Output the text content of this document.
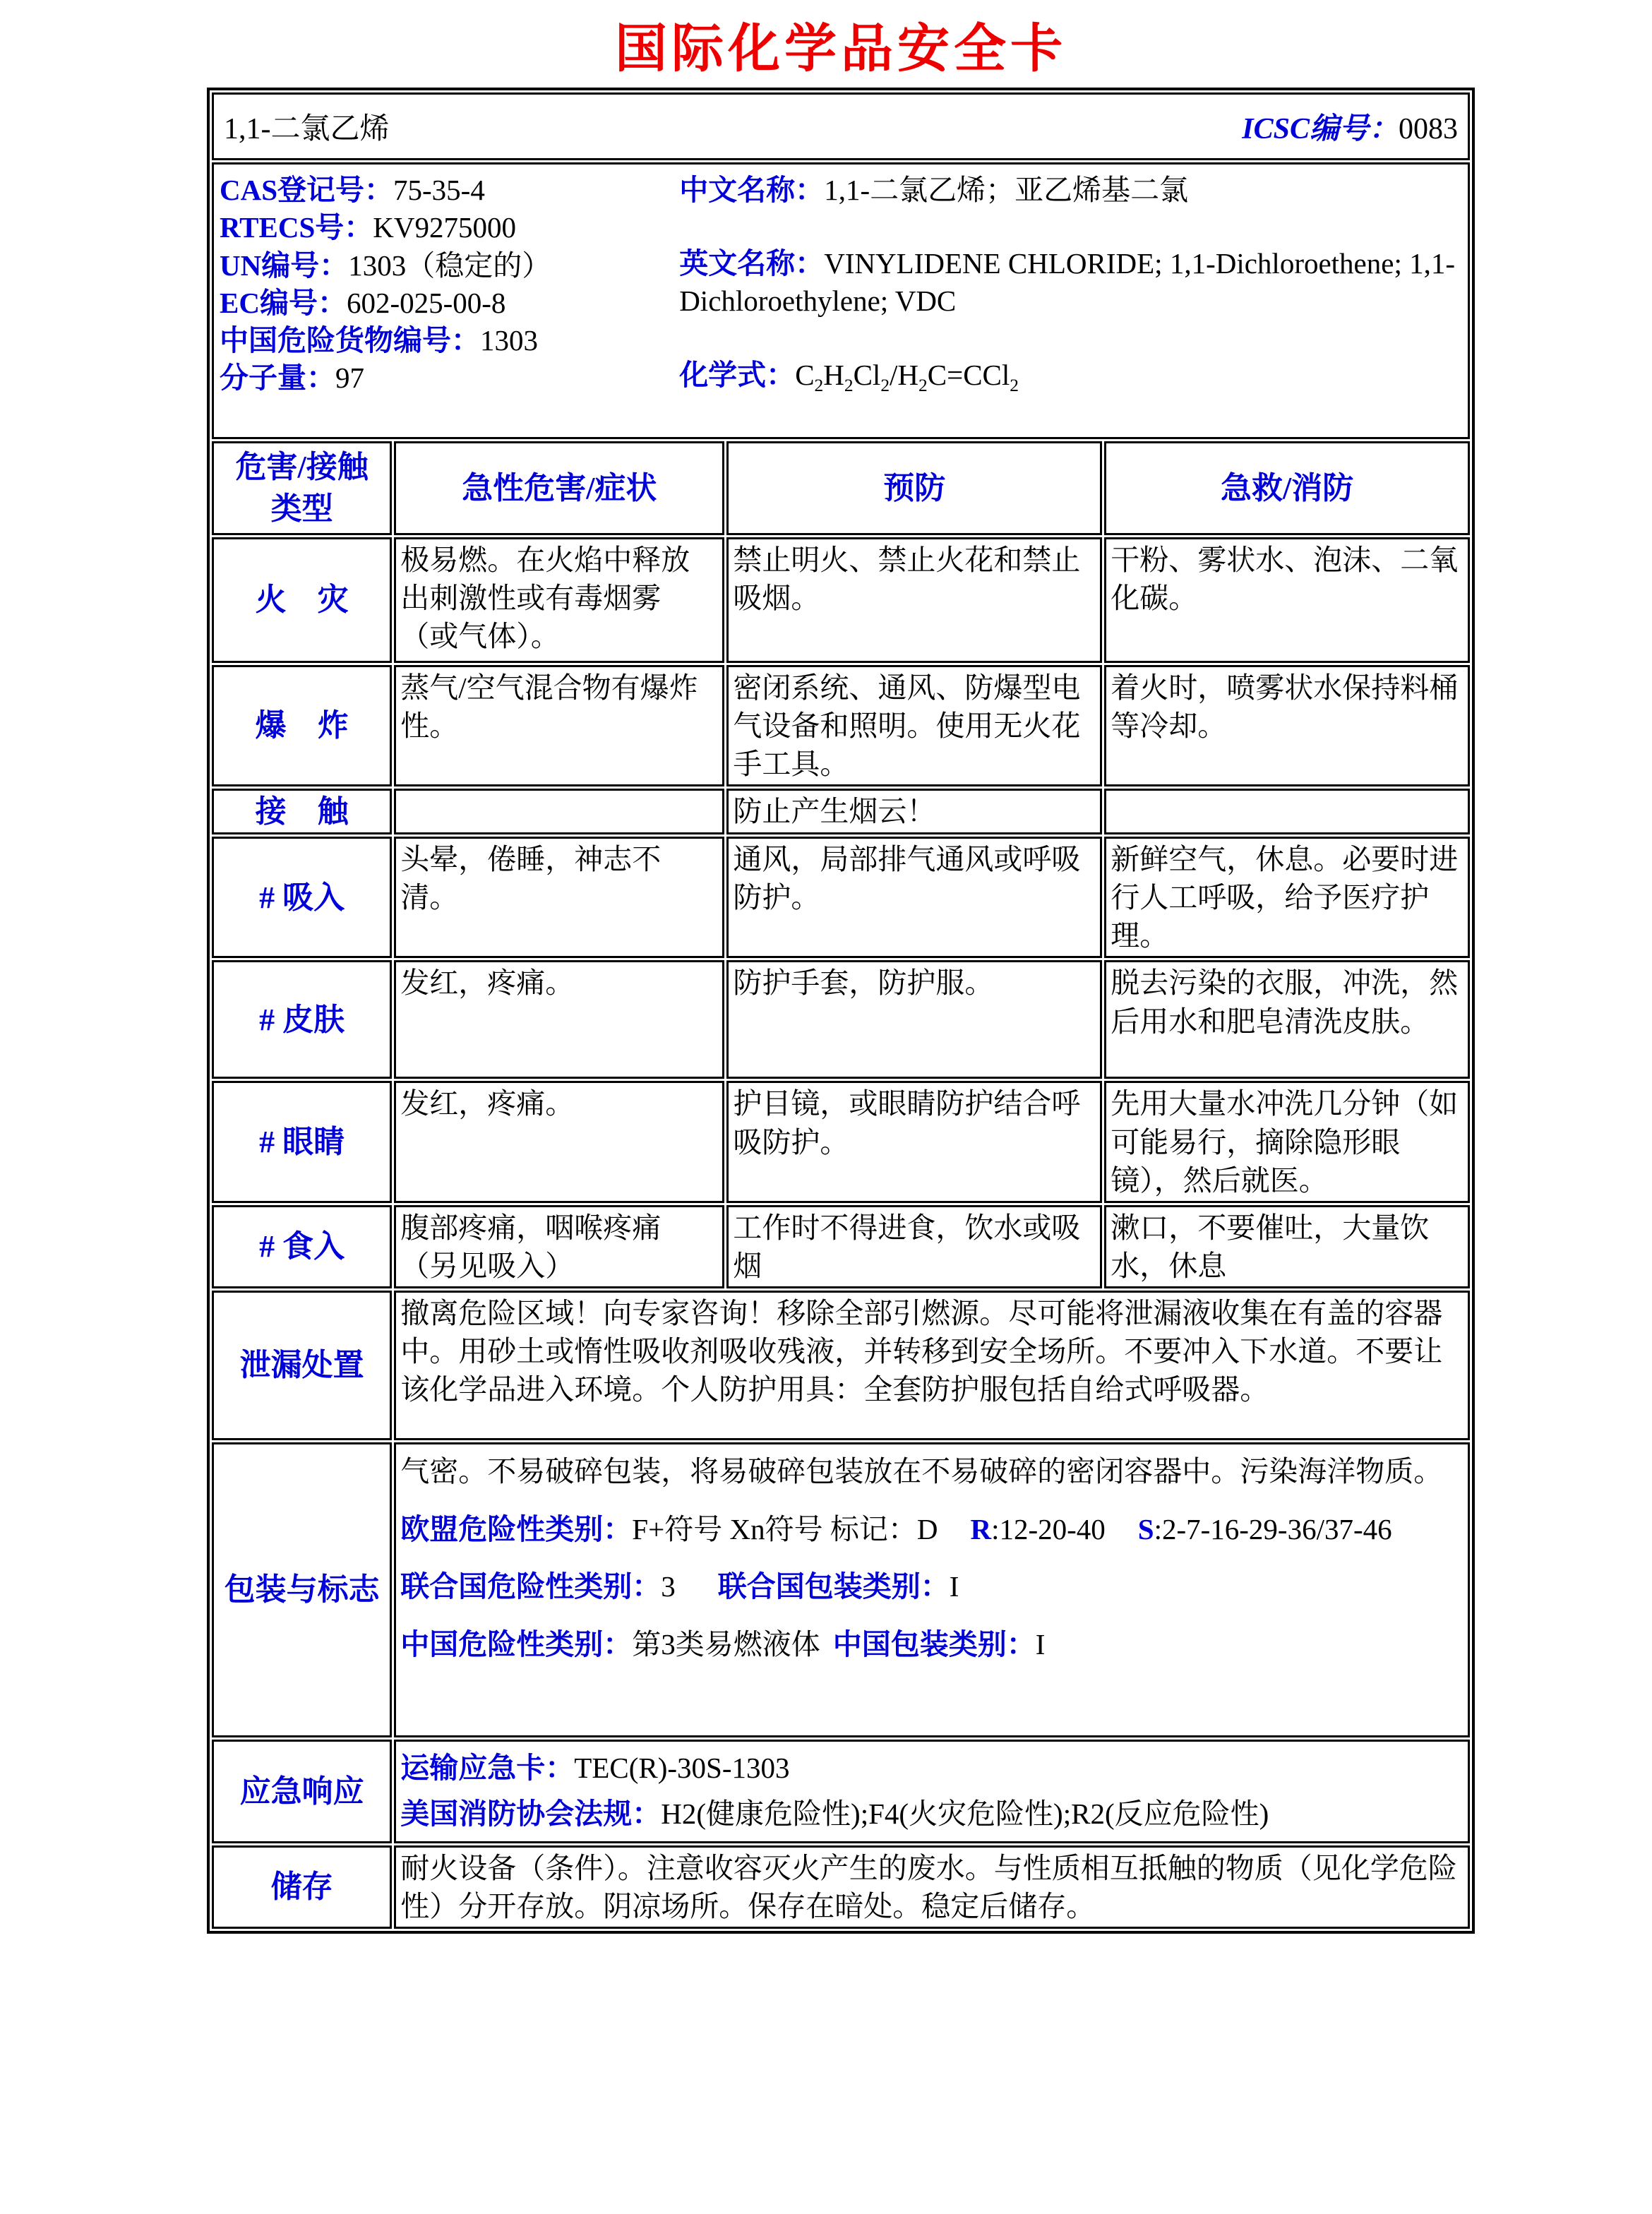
国际化学品安全卡
1,1-二氯乙烯 ICSC编号：0083			

CAS登记号：75-35-4
RTECS号：KV9275000
UN编号：1303（稳定的）
EC编号：602-025-00-8
中国危险货物编号：1303
分子量：97

中文名称：1,1-二氯乙烯；亚乙烯基二氯

英文名称：VINYLIDENE CHLORIDE; 1,1-Dichloroethene; 1,1-Dichloroethylene; VDC

化学式：$C_2H_2Cl_2/H_2C=CCl_2$

危害/接触 类型	急性危害/症状	预防	急救/消防
火　灾	极易燃。在火焰中释放出刺激性或有毒烟雾（或气体）。	禁止明火、禁止火花和禁止吸烟。	干粉、雾状水、泡沫、二氧化碳。
爆　炸	蒸气/空气混合物有爆炸性。	密闭系统、通风、防爆型电气设备和照明。使用无火花手工具。	着火时，喷雾状水保持料桶等冷却。
接　触		防止产生烟云！	
# 吸入	头晕，倦睡，神志不清。	通风，局部排气通风或呼吸防护。	新鲜空气，休息。必要时进行人工呼吸，给予医疗护理。
# 皮肤	发红，疼痛。	防护手套，防护服。	脱去污染的衣服，冲洗，然后用水和肥皂清洗皮肤。
# 眼睛	发红，疼痛。	护目镜，或眼睛防护结合呼吸防护。	先用大量水冲洗几分钟（如可能易行，摘除隐形眼镜），然后就医。
# 食入	腹部疼痛，咽喉疼痛（另见吸入）	工作时不得进食，饮水或吸烟	漱口，不要催吐，大量饮水，休息
泄漏处置	撤离危险区域！向专家咨询！移除全部引燃源。尽可能将泄漏液收集在有盖的容器中。用砂土或惰性吸收剂吸收残液，并转移到安全场所。不要冲入下水道。不要让该化学品进入环境。个人防护用具：全套防护服包括自给式呼吸器。		
包装与标志	气密。不易破碎包装，将易破碎包装放在不易破碎的密闭容器中。污染海洋物质。

欧盟危险性类别：F+符号 Xn符号 标记：D R:12-20-40 S:2-7-16-29-36/37-46

联合国危险性类别：3 联合国包装类别：I

中国危险性类别：第3类易燃液体 中国包装类别：I		

应急响应	运输应急卡：TEC(R)-30S-1303

美国消防协会法规：H2(健康危险性);F4(火灾危险性);R2(反应危险性)		

储存	耐火设备（条件）。注意收容灭火产生的废水。与性质相互抵触的物质（见化学危险性）分开存放。阴凉场所。保存在暗处。稳定后储存。		
